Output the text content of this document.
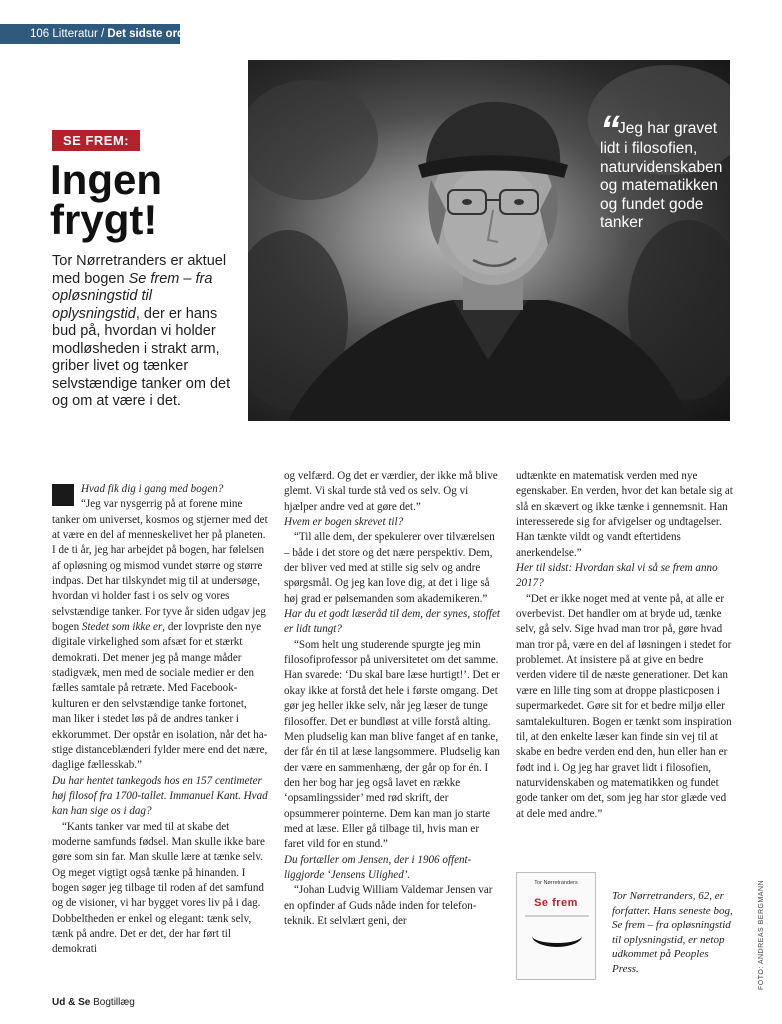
106 Litteratur / Det sidste ord
“ Jeg har gravet lidt i filosofien, naturvidenskaben og matematikken og fundet gode tanker
SE FREM:
Ingen frygt!

Tor Nørretranders er aktuel med bogen Se frem – fra opløsningstid til oplysningstid, der er hans bud på, hvordan vi holder modløsheden i strakt arm, griber livet og tænker selvstændige tanker om det og om at være i det.

Hvad fik dig i gang med bogen?

“Jeg var nysgerrig på at forene mine tanker om universet, kosmos og stjerner med det at være en del af menneskelivet her på planeten. I de ti år, jeg har arbejdet på bogen, har følelsen af opløsning og mismod vundet større og større indpas. Det har tilskyndet mig til at undersøge, hvordan vi holder fast i os selv og vores selvstændige tanker. For tyve år siden udgav jeg bogen Stedet som ikke er, der lovpriste den nye digitale virkelighed som afsæt for et stærkt demokrati. Det mener jeg på mange måder stadigvæk, men med de sociale medier er den fælles samtale på retræte. Med Facebook-kulturen er den selvstændige tanke fortonet, man liker i stedet løs på de andres tanker i ekkorummet. Der opstår en isolation, når det hastige distanceblænderi fylder mere end det nære, daglige fællesskab.”

Du har hentet tankegods hos en 157 centimeter høj filosof fra 1700-tallet. Immanuel Kant. Hvad kan han sige os i dag?

“Kants tanker var med til at skabe det moderne samfunds fødsel. Man skulle ikke bare gøre som sin far. Man skulle lære at tænke selv. Og meget vigtigt også tænke på hinanden. I bogen søger jeg tilbage til roden af det samfund og de visioner, vi har bygget vores liv på i dag. Dobbeltheden er enkel og elegant: tænk selv, tænk på andre. Det er det, der har ført til demokrati

og velfærd. Og det er værdier, der ikke må blive glemt. Vi skal turde stå ved os selv. Og vi hjælper andre ved at gøre det.”

Hvem er bogen skrevet til?

“Til alle dem, der spekulerer over tilværelsen – både i det store og det nære perspektiv. Dem, der bliver ved med at stille sig selv og andre spørgsmål. Og jeg kan love dig, at det i lige så høj grad er pølsemanden som akademikeren.”

Har du et godt læseråd til dem, der synes, stoffet er lidt tungt?

“Som helt ung studerende spurgte jeg min filosofiprofessor på universitetet om det samme. Han svarede: ‘Du skal bare læse hurtigt!’. Det er okay ikke at forstå det hele i første omgang. Det gør jeg heller ikke selv, når jeg læser de tunge filosoffer. Det er bundløst at ville forstå alting. Men pludselig kan man blive fanget af en tanke, der får én til at læse langsommere. Pludselig kan der være en sammenhæng, der går op for én. I den her bog har jeg også lavet en række ‘opsamlingssider’ med rød skrift, der opsummerer pointerne. Dem kan man jo starte med at læse. Eller gå tilbage til, hvis man er faret vild for en stund.”

Du fortæller om Jensen, der i 1906 offentliggjorde ‘Jensens Ulighed’.

“Johan Ludvig William Valdemar Jensen var en opfinder af Guds nåde inden for telefon-teknik. Et selvlært geni, der

udtænkte en matematisk verden med nye egenskaber. En verden, hvor det kan betale sig at slå en skævert og ikke tænke i gennemsnit. Han interesserede sig for afvigelser og undtagelser. Han tænkte vildt og vandt eftertidens anerkendelse.”

Her til sidst: Hvordan skal vi så se frem anno 2017?

“Det er ikke noget med at vente på, at alle er overbevist. Det handler om at bryde ud, tænke selv, gå selv. Sige hvad man tror på, gøre hvad man tror på, være en del af løsningen i stedet for problemet. At insistere på at give en bedre verden videre til de næste generationer. Det kan være en lille ting som at droppe plasticposen i supermarkedet. Gøre sit for et bedre miljø eller samtalekulturen. Bogen er tænkt som inspiration til, at den enkelte læser kan finde sin vej til at skabe en bedre verden end den, hun eller han er født ind i. Og jeg har gravet lidt i filosofien, naturvidenskaben og matematikken og fundet gode tanker om det, som jeg har stor glæde ved at dele med andre.”

Tor Nørretranders
Se frem

Tor Nørretranders, 62, er forfatter. Hans seneste bog, Se frem – fra opløsningstid til oplysningstid, er netop udkommet på Peoples Press.	FOTO: ANDREAS BERGMANN
Ud & Se Bogtillæg
